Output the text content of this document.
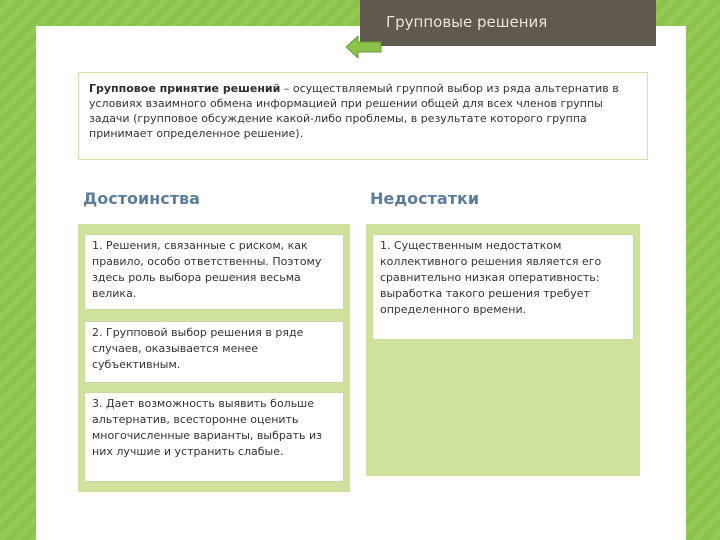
Групповые решения
Групповое принятие решений – осуществляемый группой выбор из ряда альтернатив в условиях взаимного обмена информацией при решении общей для всех членов группы задачи (групповое обсуждение какой-либо проблемы, в результате которого группа принимает определенное решение).
Достоинства	Недостатки
1. Решения, связанные с риском, как правило, особо ответственны. Поэтому здесь роль выбора решения весьма велика.
2. Групповой выбор решения в ряде случаев, оказывается менее субъективным.
3. Дает возможность выявить больше альтернатив, всесторонне оценить многочисленные варианты, выбрать из них лучшие и устранить слабые.
1. Существенным недостатком коллективного решения является его сравнительно низкая оперативность: выработка такого решения требует определенного времени.
